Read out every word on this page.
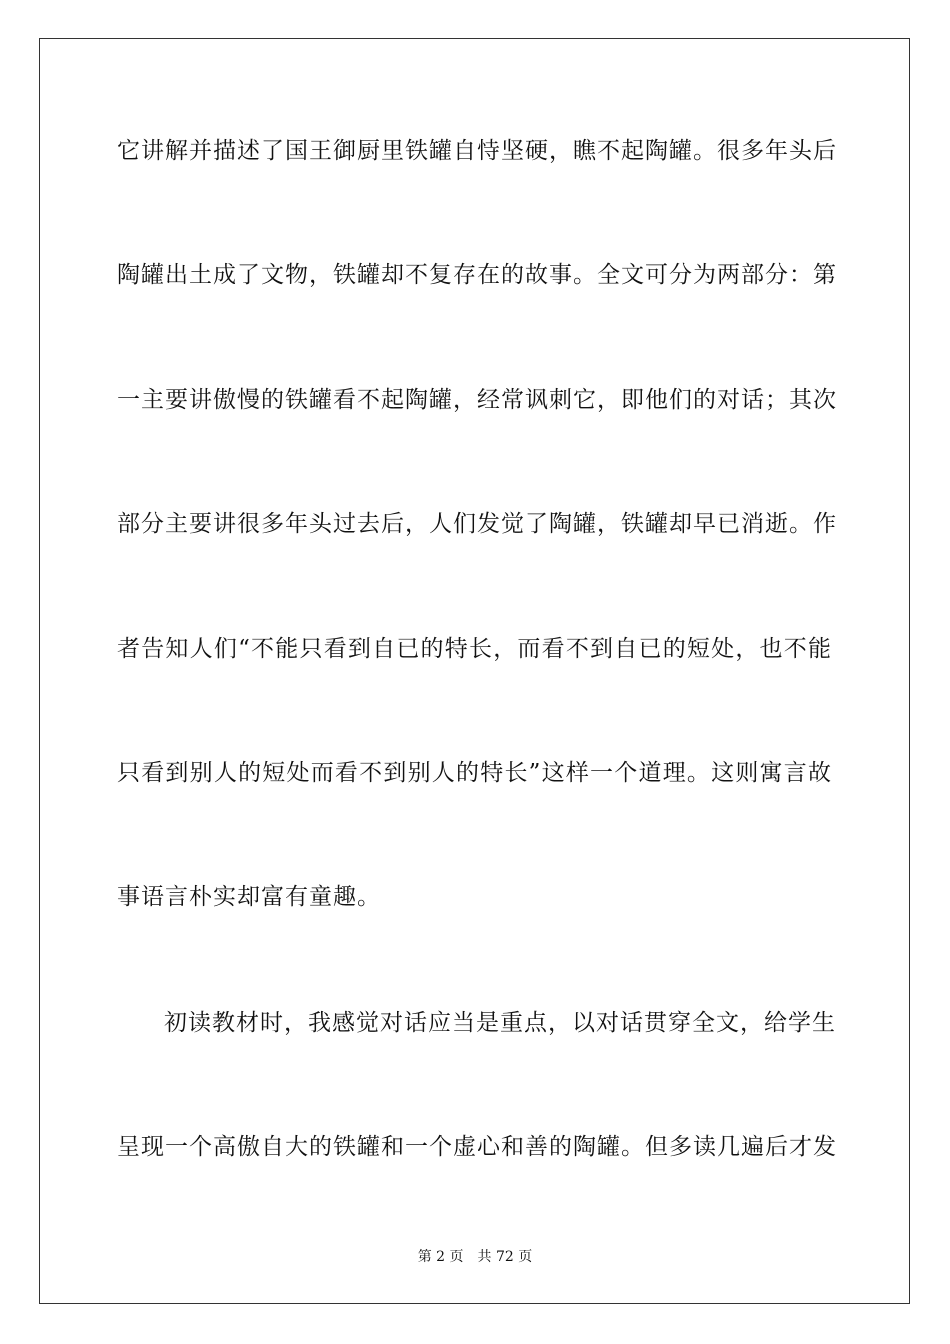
它讲解并描述了国王御厨里铁罐自恃坚硬，瞧不起陶罐。很多年头后
陶罐出土成了文物，铁罐却不复存在的故事。全文可分为两部分：第
一主要讲傲慢的铁罐看不起陶罐，经常讽刺它，即他们的对话；其次
部分主要讲很多年头过去后，人们发觉了陶罐，铁罐却早已消逝。作
者告知人们“不能只看到自已的特长，而看不到自已的短处，也不能
只看到别人的短处而看不到别人的特长”这样一个道理。这则寓言故
事语言朴实却富有童趣。
初读教材时，我感觉对话应当是重点，以对话贯穿全文，给学生
呈现一个高傲自大的铁罐和一个虚心和善的陶罐。但多读几遍后才发
第 2 页 共 72 页
